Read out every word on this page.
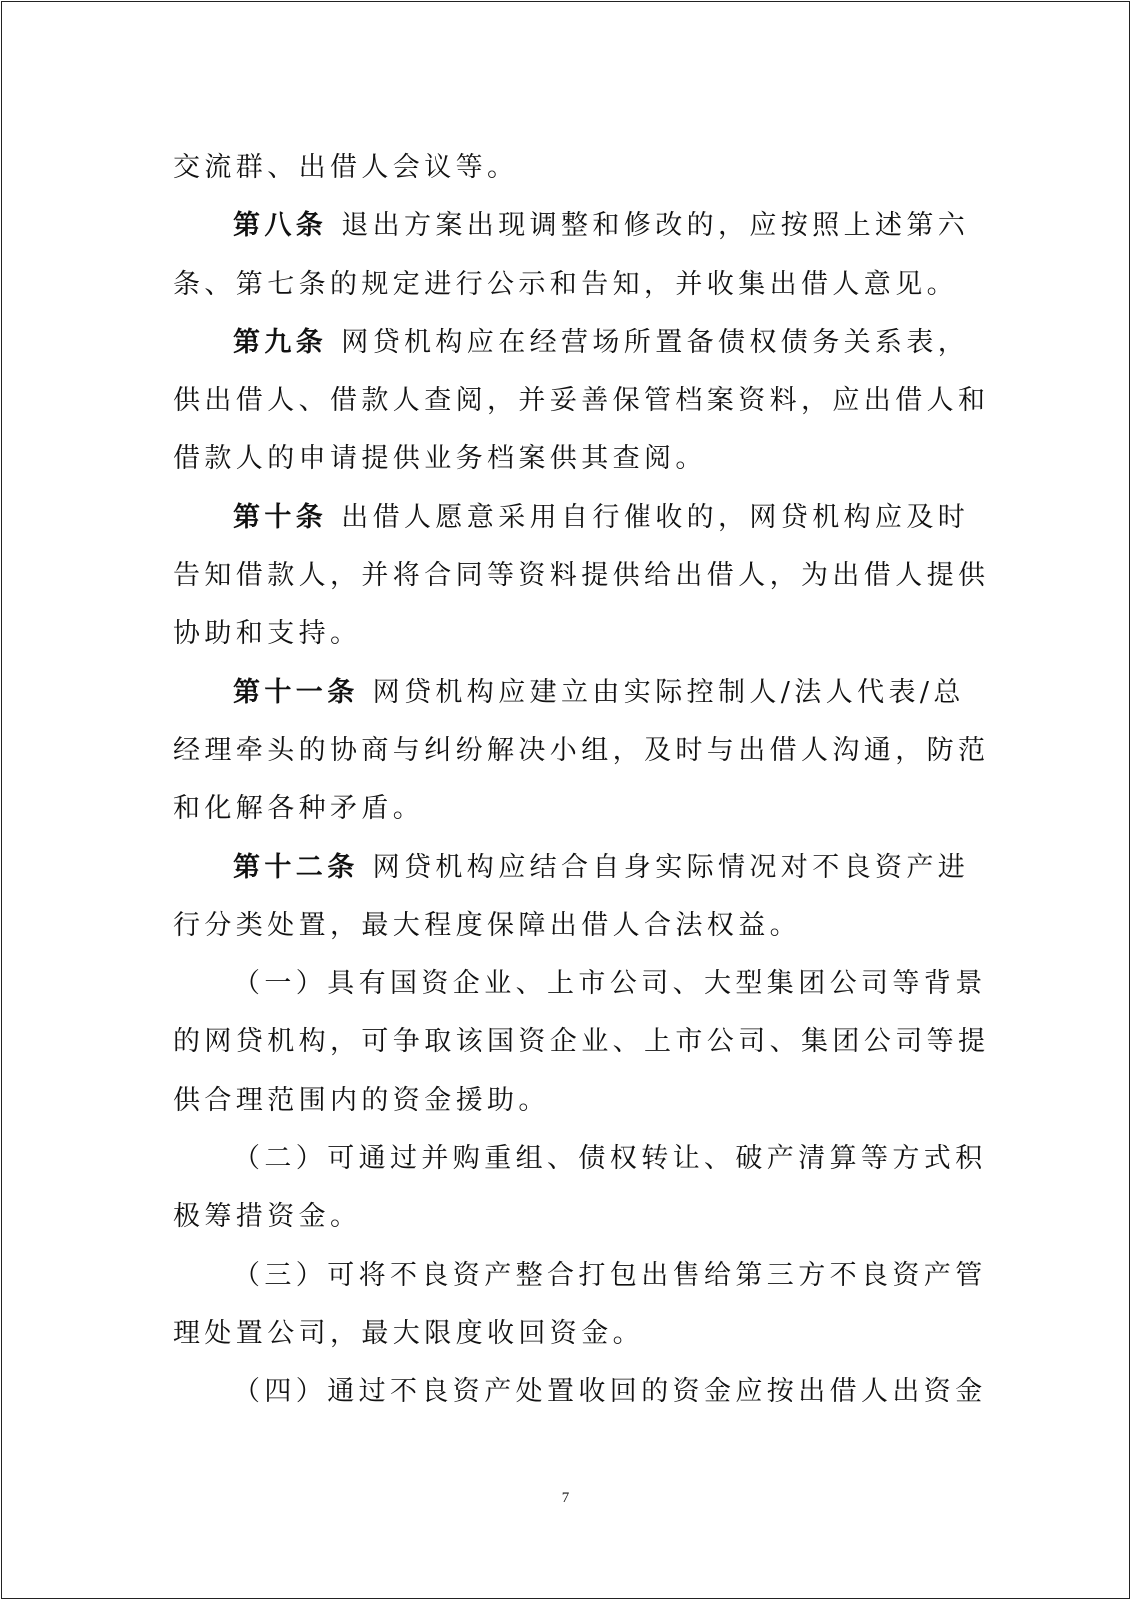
交流群、出借人会议等。
第八条 退出方案出现调整和修改的，应按照上述第六
条、第七条的规定进行公示和告知，并收集出借人意见。
第九条 网贷机构应在经营场所置备债权债务关系表，
供出借人、借款人查阅，并妥善保管档案资料，应出借人和
借款人的申请提供业务档案供其查阅。
第十条 出借人愿意采用自行催收的，网贷机构应及时
告知借款人，并将合同等资料提供给出借人，为出借人提供
协助和支持。
第十一条 网贷机构应建立由实际控制人/法人代表/总
经理牵头的协商与纠纷解决小组，及时与出借人沟通，防范
和化解各种矛盾。
第十二条 网贷机构应结合自身实际情况对不良资产进
行分类处置，最大程度保障出借人合法权益。
（一）具有国资企业、上市公司、大型集团公司等背景
的网贷机构，可争取该国资企业、上市公司、集团公司等提
供合理范围内的资金援助。
（二）可通过并购重组、债权转让、破产清算等方式积
极筹措资金。
（三）可将不良资产整合打包出售给第三方不良资产管
理处置公司，最大限度收回资金。
（四）通过不良资产处置收回的资金应按出借人出资金
7
